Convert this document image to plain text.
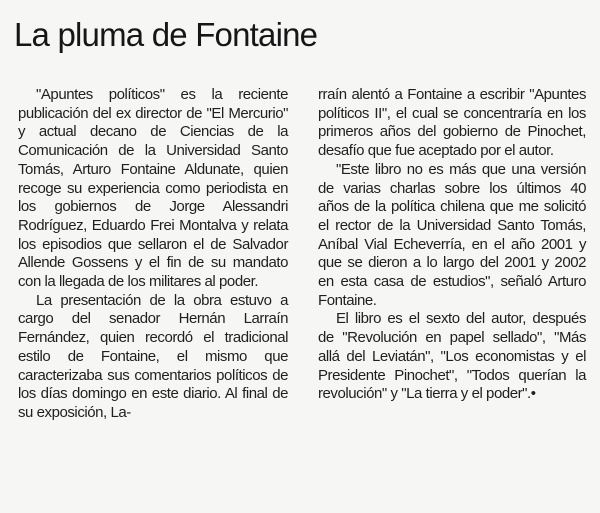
La pluma de Fontaine

"Apuntes políticos" es la reciente publicación del ex director de "El Mercurio" y actual decano de Ciencias de la Comunicación de la Universidad Santo Tomás, Arturo Fontaine Aldunate, quien recoge su experiencia como periodista en los gobiernos de Jorge Alessandri Rodríguez, Eduardo Frei Montalva y relata los episodios que sellaron el de Salvador Allende Gossens y el fin de su mandato con la llegada de los militares al poder.

La presentación de la obra estuvo a cargo del senador Hernán Larraín Fernández, quien recordó el tradicional estilo de Fontaine, el mismo que caracterizaba sus comentarios políticos de los días domingo en este diario. Al final de su exposición, La-

rraín alentó a Fontaine a escribir "Apuntes políticos II", el cual se concentraría en los primeros años del gobierno de Pinochet, desafío que fue aceptado por el autor.

"Este libro no es más que una versión de varias charlas sobre los últimos 40 años de la política chilena que me solicitó el rector de la Universidad Santo Tomás, Aníbal Vial Echeverría, en el año 2001 y que se dieron a lo largo del 2001 y 2002 en esta casa de estudios", señaló Arturo Fontaine.

El libro es el sexto del autor, después de "Revolución en papel sellado", "Más allá del Leviatán", "Los economistas y el Presidente Pinochet", "Todos querían la revolución" y "La tierra y el poder".•
